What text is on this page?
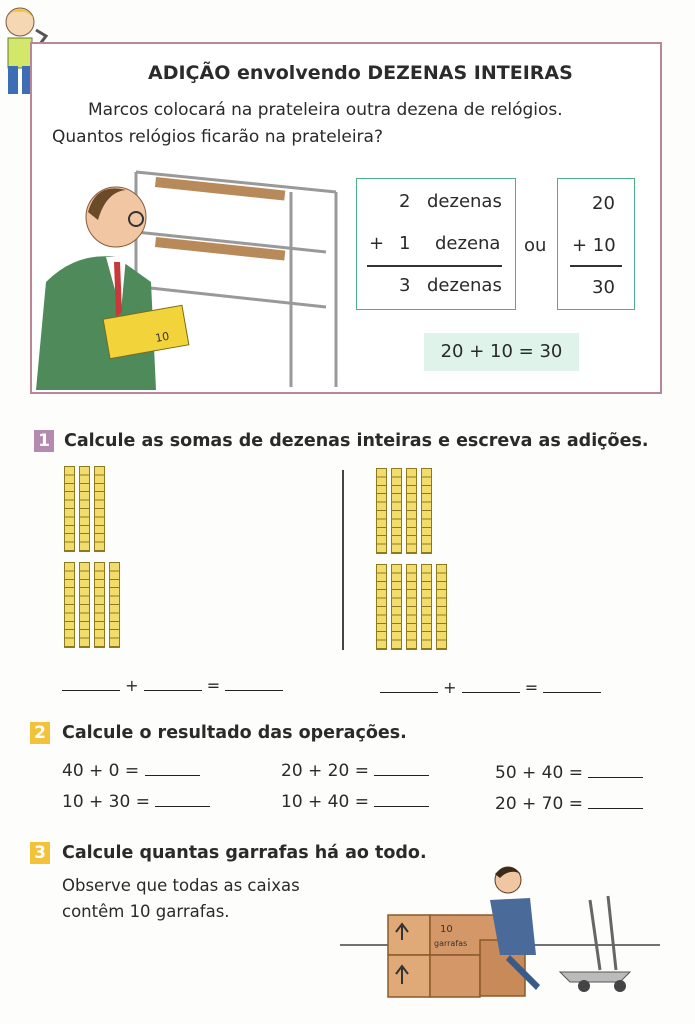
ADIÇÃO envolvendo DEZENAS INTEIRAS
Marcos colocará na prateleira outra dezena de relógios.
Quantos relógios ficarão na prateleira?
10
2 dezenas
+ 1 dezena
3 dezenas
ou
20
+ 10
30
20 + 10 = 30
1 Calcule as somas de dezenas inteiras e escreva as adições.
+	=	+	=
2 Calcule o resultado das operações.
40 + 0 =	20 + 20 =	50 + 40 =
10 + 30 =	10 + 40 =	20 + 70 =
3 Calcule quantas garrafas há ao todo.
Observe que todas as caixas
contêm 10 garrafas.
10
garrafas
